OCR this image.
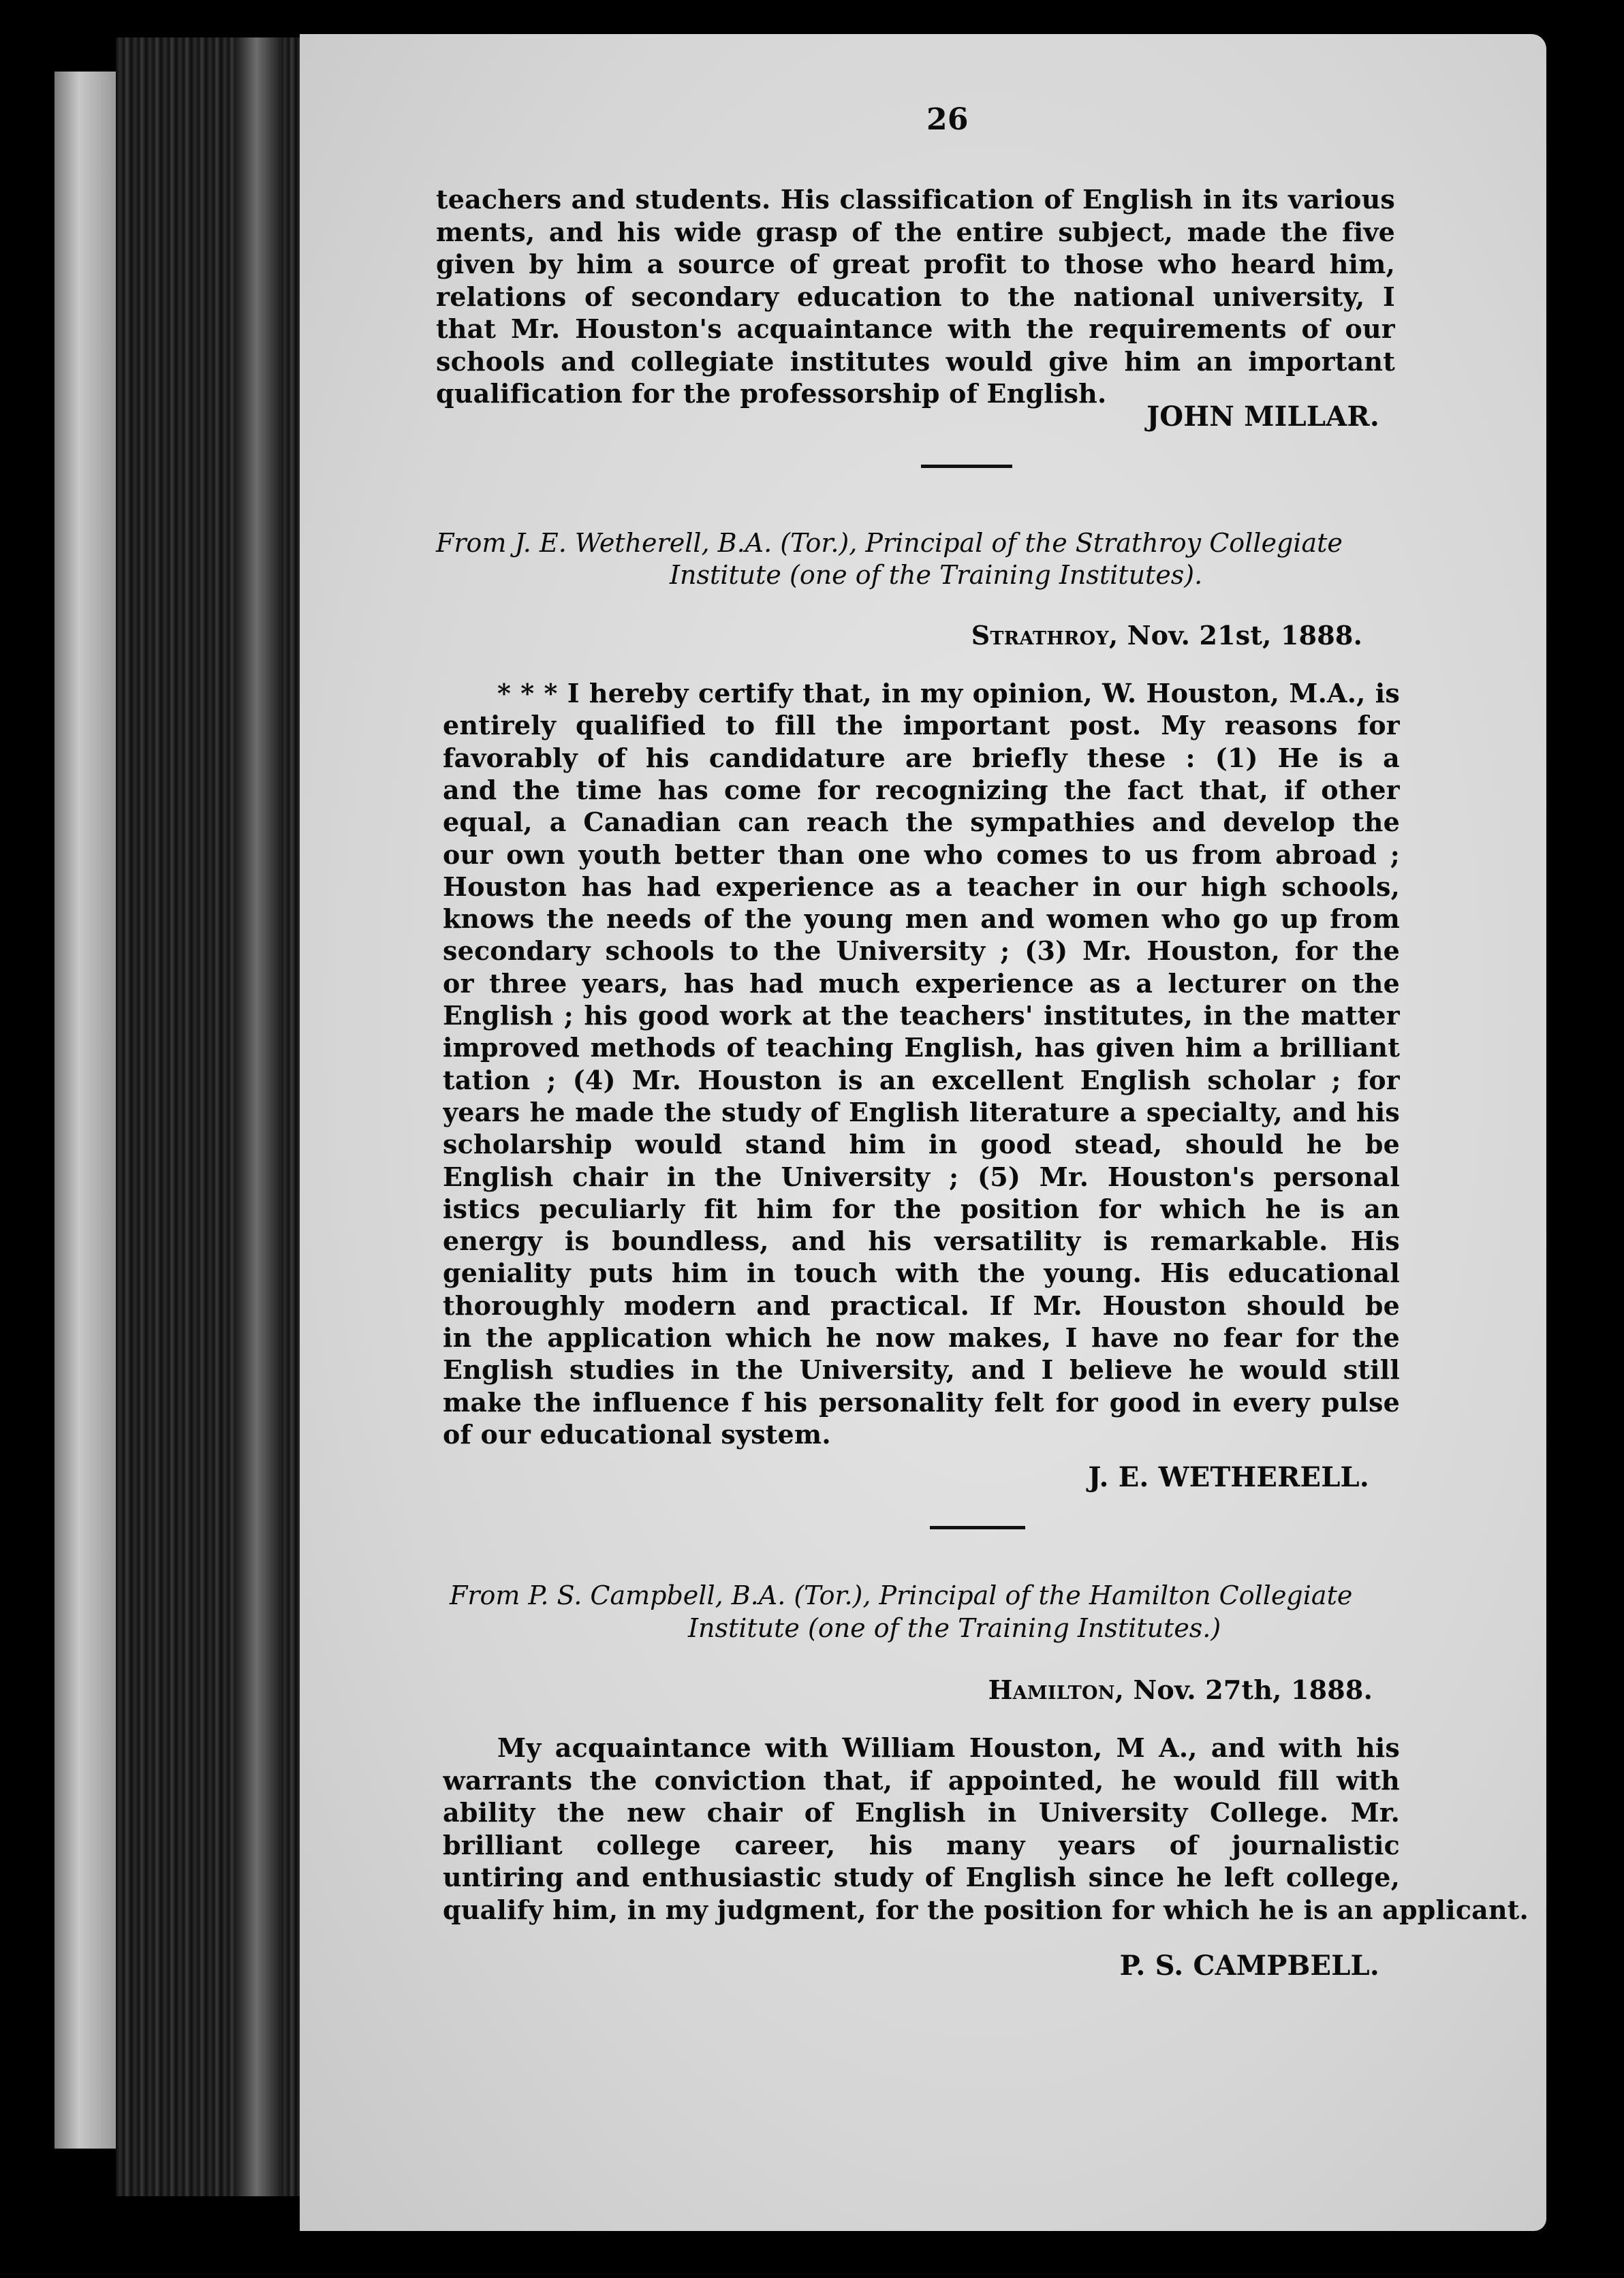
26
teachers and students. His classification of English in its various
ments, and his wide grasp of the entire subject, made the five
given by him a source of great profit to those who heard him,
relations of secondary education to the national university, I
that Mr. Houston's acquaintance with the requirements of our
schools and collegiate institutes would give him an important
qualification for the professorship of English.
JOHN MILLAR.
From J. E. Wetherell, B.A. (Tor.), Principal of the Strathroy Collegiate
Institute (one of the Training Institutes).
Strathroy, Nov. 21st, 1888.
* * * I hereby certify that, in my opinion, W. Houston, M.A., is
entirely qualified to fill the important post. My reasons for
favorably of his candidature are briefly these : (1) He is a
and the time has come for recognizing the fact that, if other
equal, a Canadian can reach the sympathies and develop the
our own youth better than one who comes to us from abroad ;
Houston has had experience as a teacher in our high schools,
knows the needs of the young men and women who go up from
secondary schools to the University ; (3) Mr. Houston, for the
or three years, has had much experience as a lecturer on the
English ; his good work at the teachers' institutes, in the matter
improved methods of teaching English, has given him a brilliant
tation ; (4) Mr. Houston is an excellent English scholar ; for
years he made the study of English literature a specialty, and his
scholarship would stand him in good stead, should he be
English chair in the University ; (5) Mr. Houston's personal
istics peculiarly fit him for the position for which he is an
energy is boundless, and his versatility is remarkable. His
geniality puts him in touch with the young. His educational
thoroughly modern and practical. If Mr. Houston should be
in the application which he now makes, I have no fear for the
English studies in the University, and I believe he would still
make the influence f his personality felt for good in every pulse
of our educational system.
J. E. WETHERELL.
From P. S. Campbell, B.A. (Tor.), Principal of the Hamilton Collegiate
Institute (one of the Training Institutes.)
Hamilton, Nov. 27th, 1888.
My acquaintance with William Houston, M A., and with his
warrants the conviction that, if appointed, he would fill with
ability the new chair of English in University College. Mr.
brilliant college career, his many years of journalistic
untiring and enthusiastic study of English since he left college,
qualify him, in my judgment, for the position for which he is an applicant.
P. S. CAMPBELL.
